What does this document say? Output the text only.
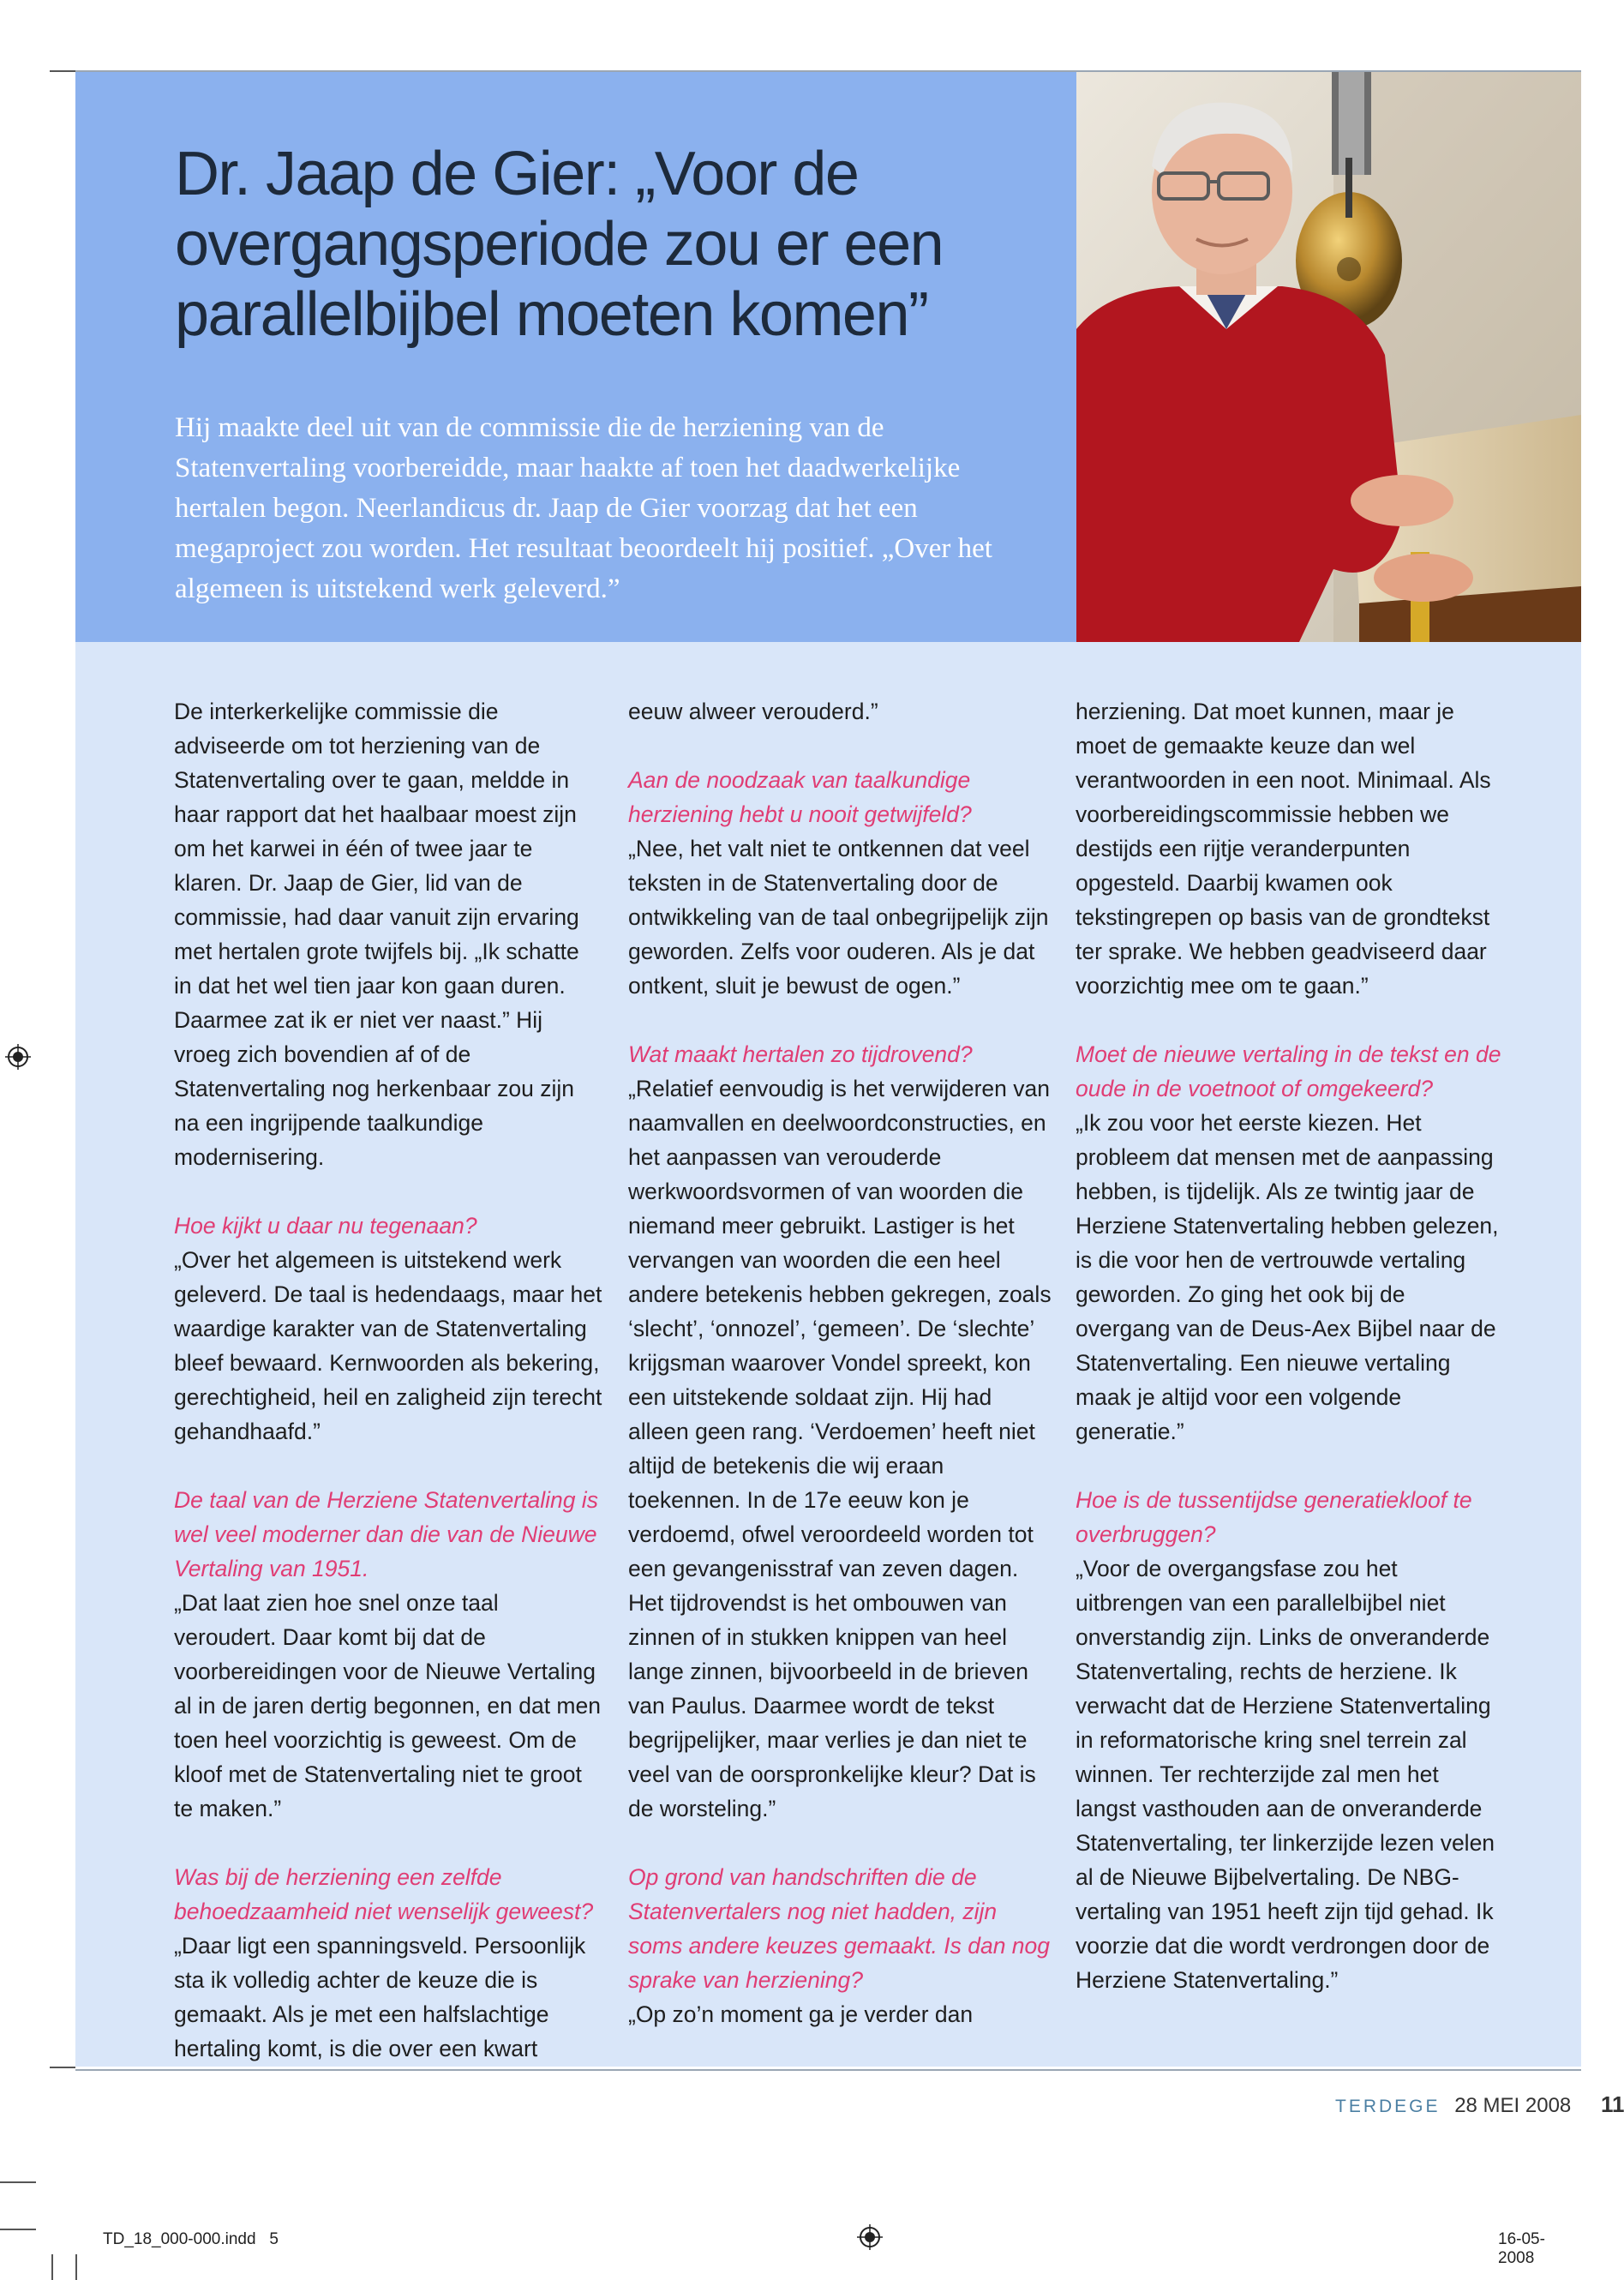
Dr. Jaap de Gier: „Voor de overgangsperiode zou er een parallelbijbel moeten komen”

Hij maakte deel uit van de commissie die de herziening van de Statenvertaling voorbereidde, maar haakte af toen het daadwerkelijke hertalen begon. Neerlandicus dr. Jaap de Gier voorzag dat het een megaproject zou worden. Het resultaat beoordeelt hij positief. „Over het algemeen is uitstekend werk geleverd.”

De interkerkelijke commissie die adviseerde om tot herziening van de Statenvertaling over te gaan, meldde in haar rapport dat het haalbaar moest zijn om het karwei in één of twee jaar te klaren. Dr. Jaap de Gier, lid van de commissie, had daar vanuit zijn ervaring met hertalen grote twijfels bij. „Ik schatte in dat het wel tien jaar kon gaan duren. Daarmee zat ik er niet ver naast.” Hij vroeg zich bovendien af of de Statenvertaling nog herkenbaar zou zijn na een ingrijpende taalkundige modernisering.

Hoe kijkt u daar nu tegenaan?

„Over het algemeen is uitstekend werk geleverd. De taal is hedendaags, maar het waardige karakter van de Statenvertaling bleef bewaard. Kernwoorden als bekering, gerechtigheid, heil en zaligheid zijn terecht gehandhaafd.”

De taal van de Herziene Statenvertaling is wel veel moderner dan die van de Nieuwe Vertaling van 1951.

„Dat laat zien hoe snel onze taal veroudert. Daar komt bij dat de voorbereidingen voor de Nieuwe Vertaling al in de jaren dertig begonnen, en dat men toen heel voorzichtig is geweest. Om de kloof met de Statenvertaling niet te groot te maken.”

Was bij de herziening een zelfde behoedzaamheid niet wenselijk geweest?

„Daar ligt een spanningsveld. Persoonlijk sta ik volledig achter de keuze die is gemaakt. Als je met een halfslachtige hertaling komt, is die over een kwart

eeuw alweer verouderd.”

Aan de noodzaak van taalkundige herziening hebt u nooit getwijfeld?

„Nee, het valt niet te ontkennen dat veel teksten in de Statenvertaling door de ontwikkeling van de taal onbegrijpelijk zijn geworden. Zelfs voor ouderen. Als je dat ontkent, sluit je bewust de ogen.”

Wat maakt hertalen zo tijdrovend?

„Relatief eenvoudig is het verwijderen van naamvallen en deelwoordconstructies, en het aanpassen van verouderde werkwoordsvormen of van woorden die niemand meer gebruikt. Lastiger is het vervangen van woorden die een heel andere betekenis hebben gekregen, zoals ‘slecht’, ‘onnozel’, ‘gemeen’. De ‘slechte’ krijgsman waarover Vondel spreekt, kon een uitstekende soldaat zijn. Hij had alleen geen rang. ‘Verdoemen’ heeft niet altijd de betekenis die wij eraan toekennen. In de 17e eeuw kon je verdoemd, ofwel veroordeeld worden tot een gevangenisstraf van zeven dagen. Het tijdrovendst is het ombouwen van zinnen of in stukken knippen van heel lange zinnen, bijvoorbeeld in de brieven van Paulus. Daarmee wordt de tekst begrijpelijker, maar verlies je dan niet te veel van de oorspronkelijke kleur? Dat is de worsteling.”

Op grond van handschriften die de Statenvertalers nog niet hadden, zijn soms andere keuzes gemaakt. Is dan nog sprake van herziening?

„Op zo’n moment ga je verder dan

herziening. Dat moet kunnen, maar je moet de gemaakte keuze dan wel verantwoorden in een noot. Minimaal. Als voorbereidingscommissie hebben we destijds een rijtje veranderpunten opgesteld. Daarbij kwamen ook tekstingrepen op basis van de grondtekst ter sprake. We hebben geadviseerd daar voorzichtig mee om te gaan.”

Moet de nieuwe vertaling in de tekst en de oude in de voetnoot of omgekeerd?

„Ik zou voor het eerste kiezen. Het probleem dat mensen met de aanpassing hebben, is tijdelijk. Als ze twintig jaar de Herziene Statenvertaling hebben gelezen, is die voor hen de vertrouwde vertaling geworden. Zo ging het ook bij de overgang van de Deus-Aex Bijbel naar de Statenvertaling. Een nieuwe vertaling maak je altijd voor een volgende generatie.”

Hoe is de tussentijdse generatiekloof te overbruggen?

„Voor de overgangsfase zou het uitbrengen van een parallelbijbel niet onverstandig zijn. Links de onveranderde Statenvertaling, rechts de herziene. Ik verwacht dat de Herziene Statenvertaling in reformatorische kring snel terrein zal winnen. Ter rechterzijde zal men het langst vasthouden aan de onveranderde Statenvertaling, ter linkerzijde lezen velen al de Nieuwe Bijbelvertaling. De NBG-vertaling van 1951 heeft zijn tijd gehad. Ik voorzie dat die wordt verdrongen door de Herziene Statenvertaling.”

TERDEGE 28 MEI 2008 11
TD_18_000-000.indd   5	16-05-2008
